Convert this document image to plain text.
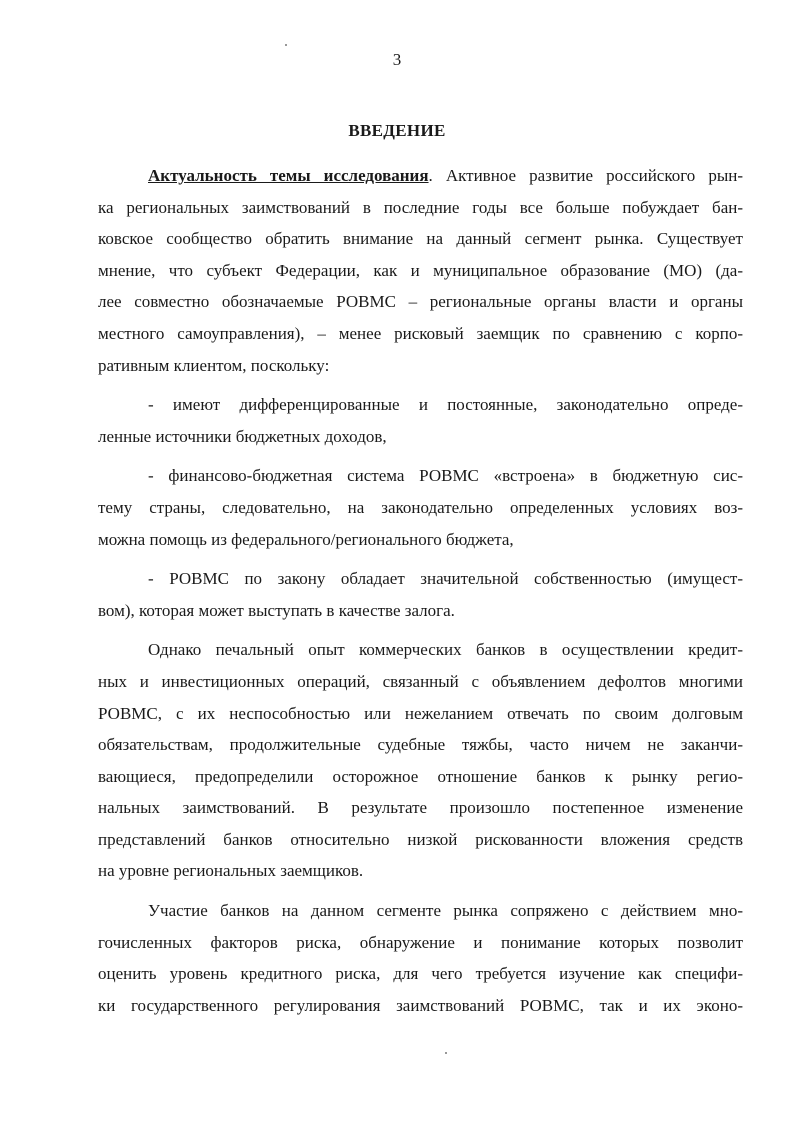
3
ВВЕДЕНИЕ
Актуальность темы исследования. Активное развитие российского рын-
ка региональных заимствований в последние годы все больше побуждает бан-
ковское сообщество обратить внимание на данный сегмент рынка. Существует
мнение, что субъект Федерации, как и муниципальное образование (МО) (да-
лее совместно обозначаемые РОВМС – региональные органы власти и органы
местного самоуправления), – менее рисковый заемщик по сравнению с корпо-
ративным клиентом, поскольку:
- имеют дифференцированные и постоянные, законодательно опреде-
ленные источники бюджетных доходов,
- финансово-бюджетная система РОВМС «встроена» в бюджетную сис-
тему страны, следовательно, на законодательно определенных условиях воз-
можна помощь из федерального/регионального бюджета,
- РОВМС по закону обладает значительной собственностью (имущест-
вом), которая может выступать в качестве залога.
Однако печальный опыт коммерческих банков в осуществлении кредит-
ных и инвестиционных операций, связанный с объявлением дефолтов многими
РОВМС, с их неспособностью или нежеланием отвечать по своим долговым
обязательствам, продолжительные судебные тяжбы, часто ничем не заканчи-
вающиеся, предопределили осторожное отношение банков к рынку регио-
нальных заимствований. В результате произошло постепенное изменение
представлений банков относительно низкой рискованности вложения средств
на уровне региональных заемщиков.
Участие банков на данном сегменте рынка сопряжено с действием мно-
гочисленных факторов риска, обнаружение и понимание которых позволит
оценить уровень кредитного риска, для чего требуется изучение как специфи-
ки государственного регулирования заимствований РОВМС, так и их эконо-
